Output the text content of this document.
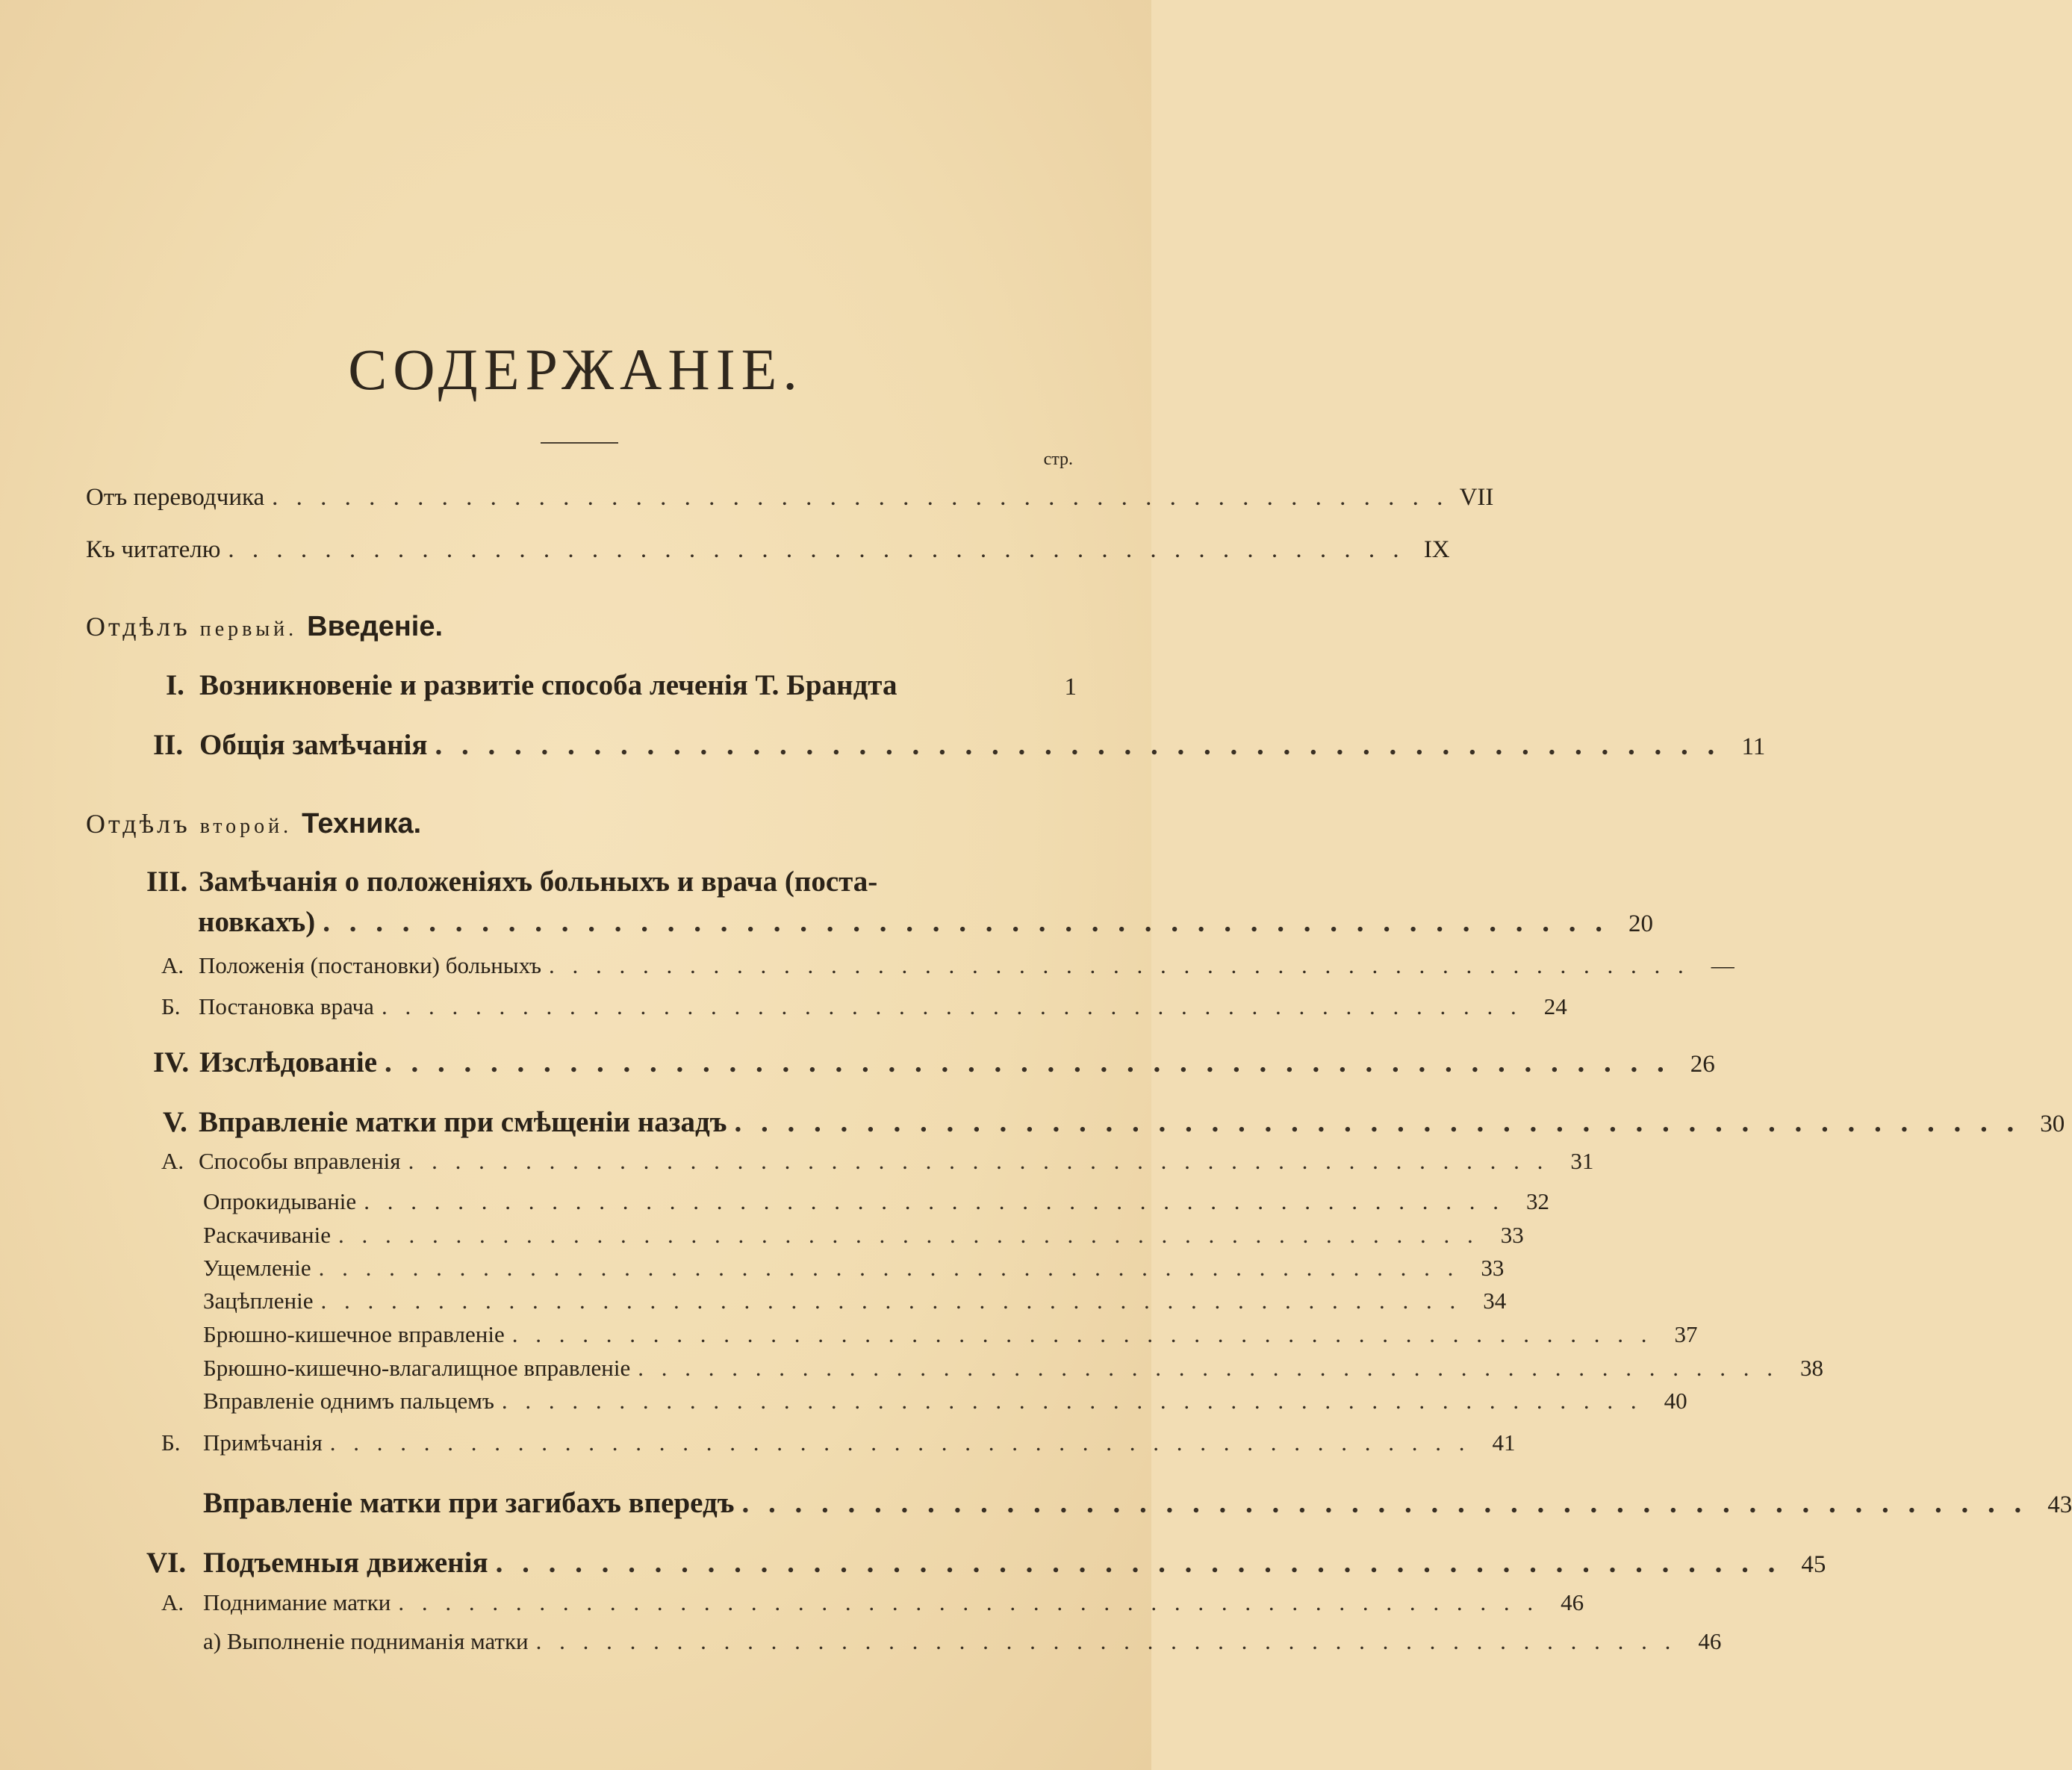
СОДЕРЖАНIЕ.
стр.
Отъ переводчика . . . . . . . . . . . . . . . . . . . . . . . . . . . . . . . . . . . . . . . . . . . . . . . . . VII
Къ читателю . . . . . . . . . . . . . . . . . . . . . . . . . . . . . . . . . . . . . . . . . . . . . . . . . IX
Отдѣлъ первый. Введенiе.
I. Возникновенiе и развитiе способа леченiя Т. Брандта	1
II. Общiя замѣчанiя . . . . . . . . . . . . . . . . . . . . . . . . . . . . . . . . . . . . . . . . . . . . . . . . . 11
Отдѣлъ второй. Техника.
III. Замѣчанiя о положенiяхъ больныхъ и врача (поста-
новкахъ) . . . . . . . . . . . . . . . . . . . . . . . . . . . . . . . . . . . . . . . . . . . . . . . . . 20
А. Положенiя (постановки) больныхъ . . . . . . . . . . . . . . . . . . . . . . . . . . . . . . . . . . . . . . . . . . . . . . . . . —
Б. Постановка врача . . . . . . . . . . . . . . . . . . . . . . . . . . . . . . . . . . . . . . . . . . . . . . . . . 24
IV. Изслѣдованiе . . . . . . . . . . . . . . . . . . . . . . . . . . . . . . . . . . . . . . . . . . . . . . . . . 26
V. Вправленiе матки при смѣщенiи назадъ . . . . . . . . . . . . . . . . . . . . . . . . . . . . . . . . . . . . . . . . . . . . . . . . . 30
А. Способы вправленiя . . . . . . . . . . . . . . . . . . . . . . . . . . . . . . . . . . . . . . . . . . . . . . . . . 31
Опрокидыванiе . . . . . . . . . . . . . . . . . . . . . . . . . . . . . . . . . . . . . . . . . . . . . . . . . 32
Раскачиванiе . . . . . . . . . . . . . . . . . . . . . . . . . . . . . . . . . . . . . . . . . . . . . . . . . 33
Ущемленiе . . . . . . . . . . . . . . . . . . . . . . . . . . . . . . . . . . . . . . . . . . . . . . . . . 33
Зацѣпленiе . . . . . . . . . . . . . . . . . . . . . . . . . . . . . . . . . . . . . . . . . . . . . . . . . 34
Брюшно-кишечное вправленiе . . . . . . . . . . . . . . . . . . . . . . . . . . . . . . . . . . . . . . . . . . . . . . . . . 37
Брюшно-кишечно-влагалищное вправленiе . . . . . . . . . . . . . . . . . . . . . . . . . . . . . . . . . . . . . . . . . . . . . . . . . 38
Вправленiе однимъ пальцемъ . . . . . . . . . . . . . . . . . . . . . . . . . . . . . . . . . . . . . . . . . . . . . . . . . 40
Б. Примѣчанiя . . . . . . . . . . . . . . . . . . . . . . . . . . . . . . . . . . . . . . . . . . . . . . . . . 41
Вправленiе матки при загибахъ впередъ . . . . . . . . . . . . . . . . . . . . . . . . . . . . . . . . . . . . . . . . . . . . . . . . . 43
VI. Подъемныя движенiя . . . . . . . . . . . . . . . . . . . . . . . . . . . . . . . . . . . . . . . . . . . . . . . . . 45
А. Поднимание матки . . . . . . . . . . . . . . . . . . . . . . . . . . . . . . . . . . . . . . . . . . . . . . . . . 46
а) Выполненiе подниманiя матки . . . . . . . . . . . . . . . . . . . . . . . . . . . . . . . . . . . . . . . . . . . . . . . . . 46
